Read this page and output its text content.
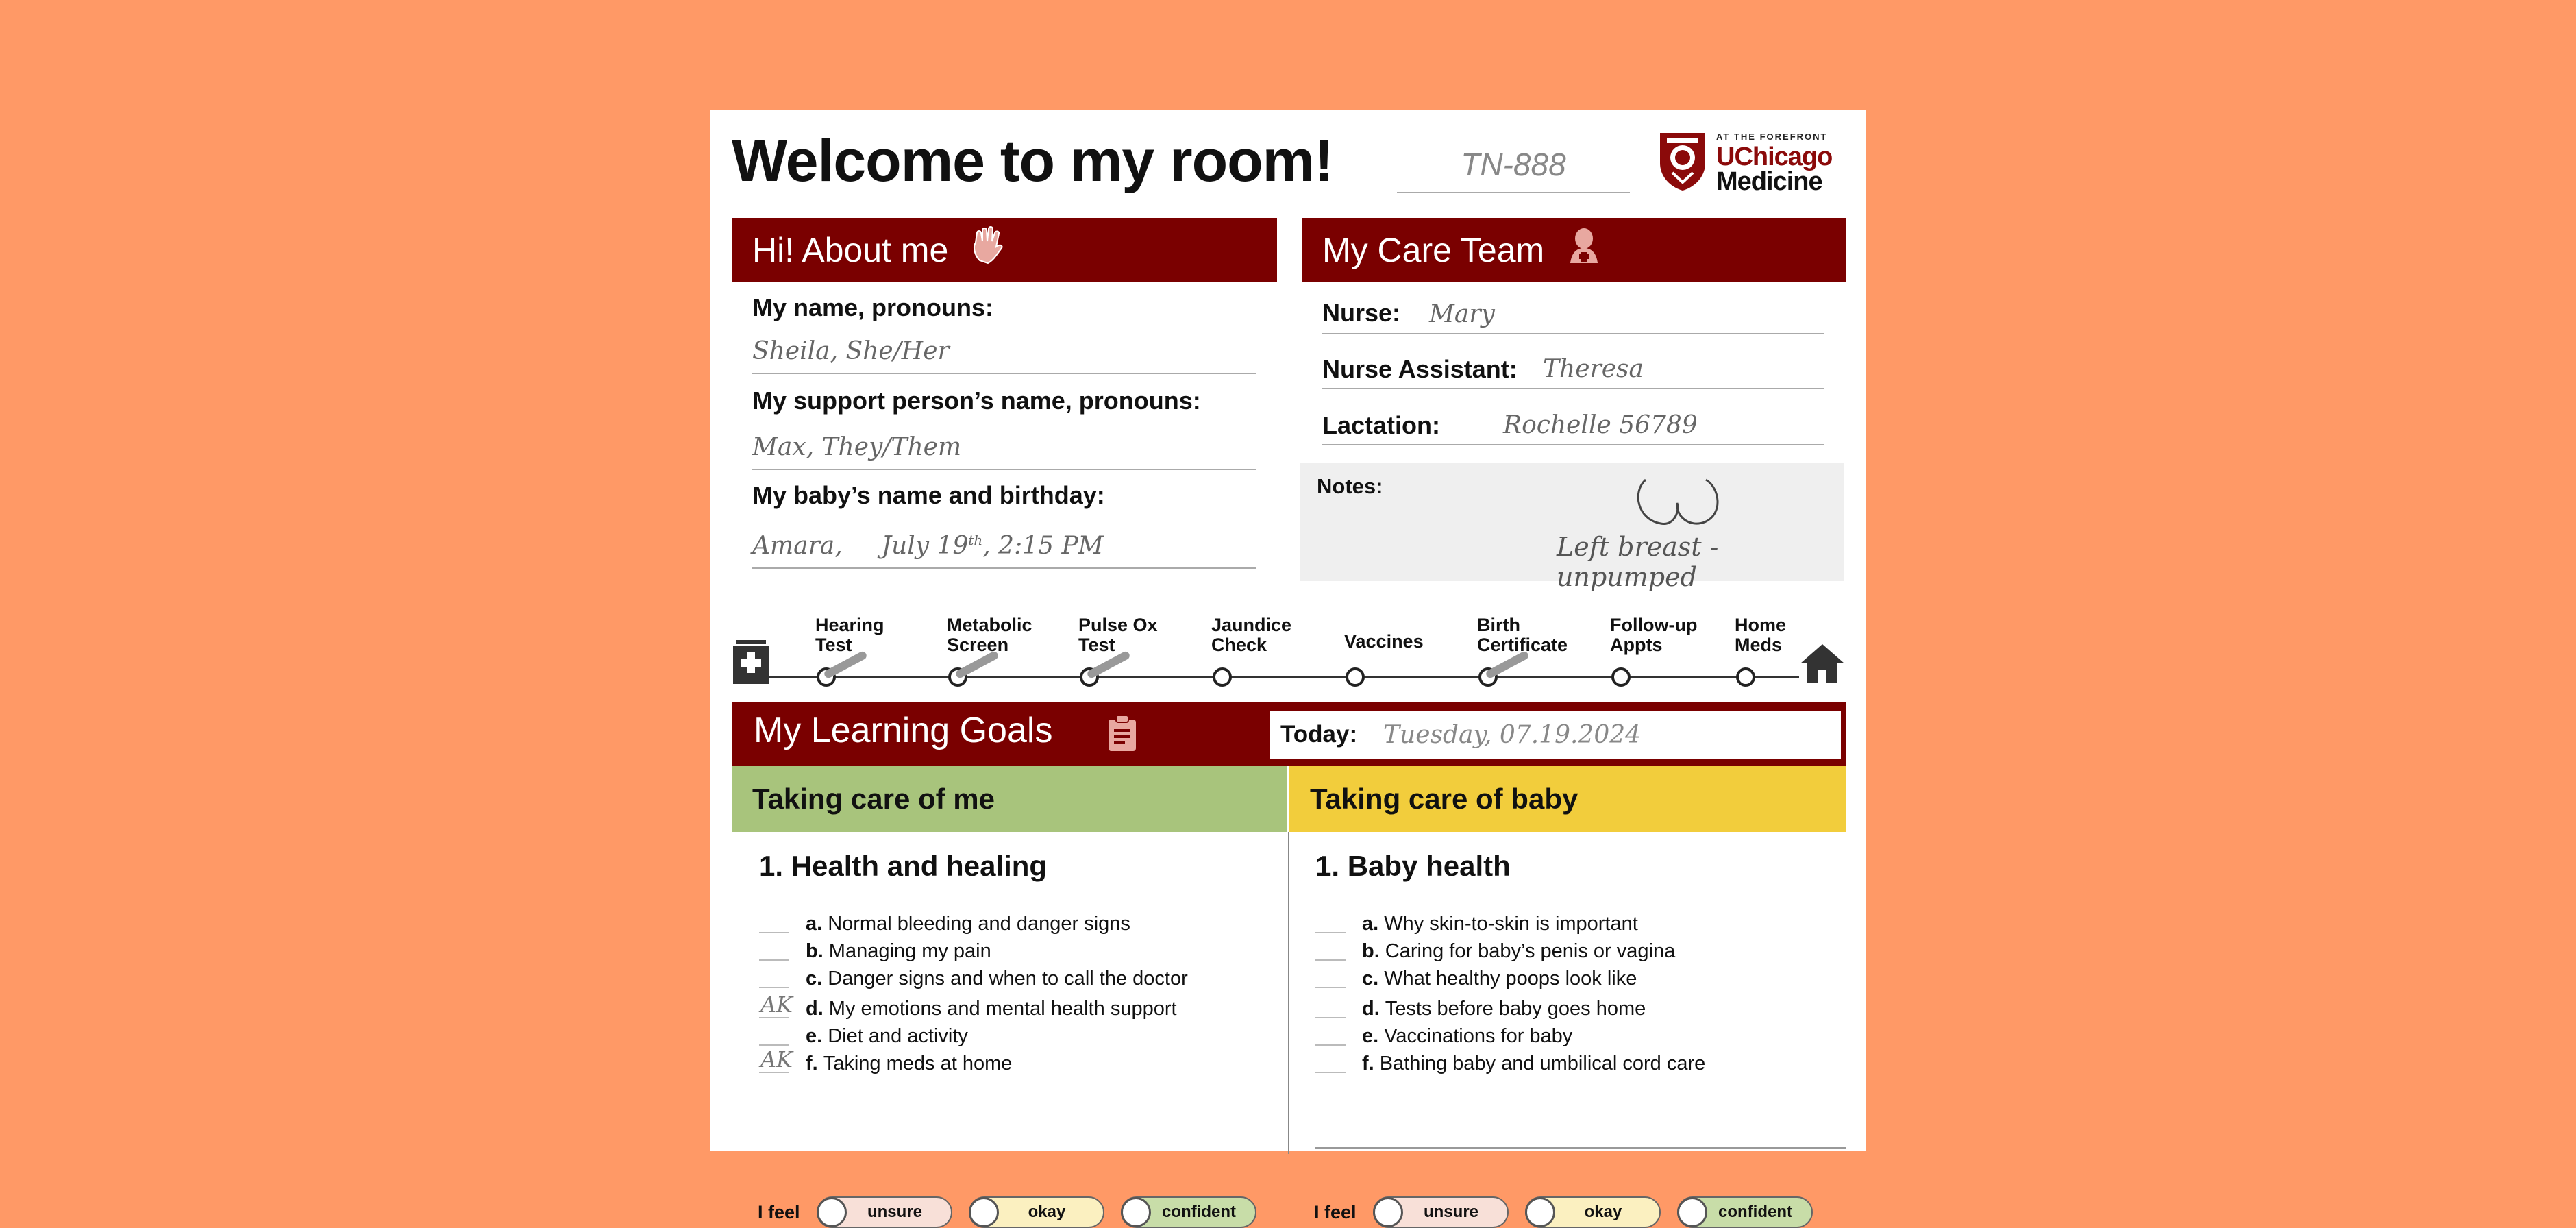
Welcome to my room!	TN-888
AT THE FOREFRONT
UChicago
Medicine
Hi! About me
My name, pronouns:
Sheila, She/Her
My support person’s name, pronouns:
Max, They/Them
My baby’s name and birthday:
Amara, July 19th, 2:15 PM
My Care Team
Nurse: Mary
Nurse Assistant: Theresa
Lactation:	Rochelle 56789
Notes:
Left breast - unpumped
My Learning Goals	Today: Tuesday, 07.19.2024
Taking care of me	Taking care of baby
1. Health and healing	1. Baby health
Hearing
Test
Metabolic
Screen
Pulse Ox
Test
Jaundice
Check	Vaccines
Birth
Certificate
Follow-up
Appts
Home
Meds
a. Normal bleeding and danger signs
b. Managing my pain
c. Danger signs and when to call the doctor
AK d. My emotions and mental health support
e. Diet and activity
AK f. Taking meds at home
a. Why skin-to-skin is important
b. Caring for baby’s penis or vagina
c. What healthy poops look like
d. Tests before baby goes home
e. Vaccinations for baby
f. Bathing baby and umbilical cord care
I feel	unsure	okay	confident	I feel	unsure	okay	confident
